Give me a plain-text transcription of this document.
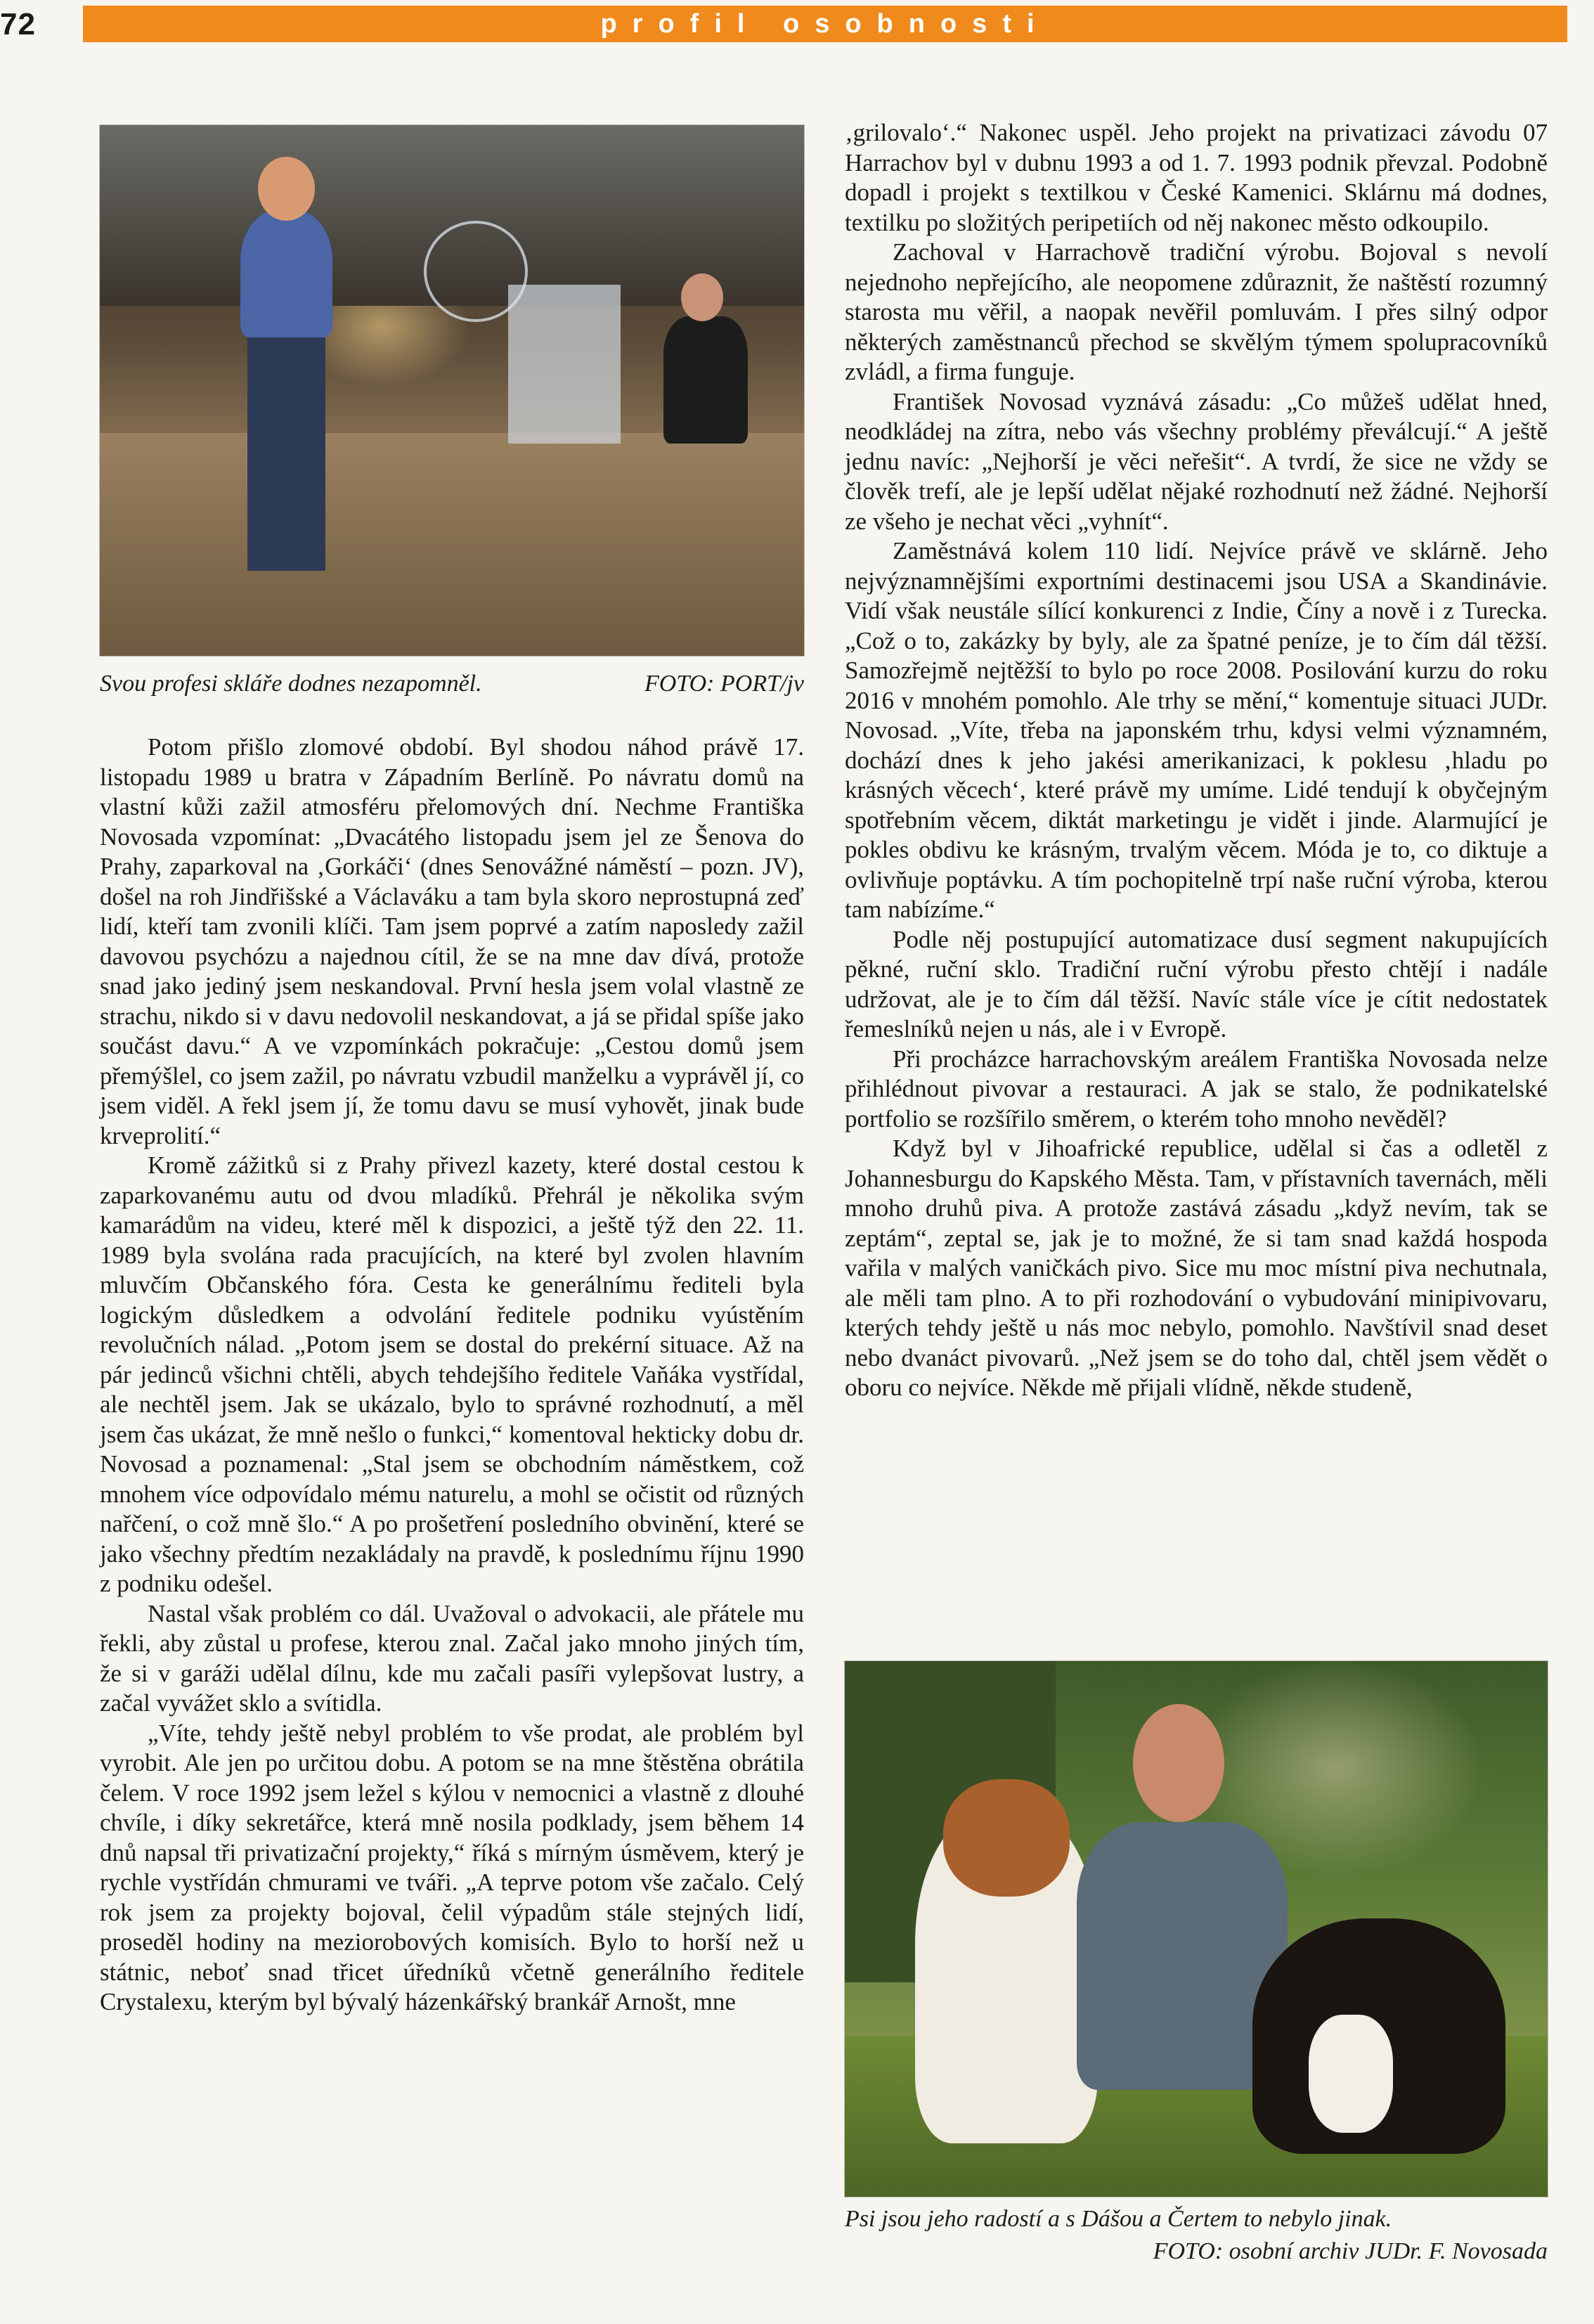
72	profil osobnosti
Svou profesi skláře dodnes nezapomněl.	FOTO: PORT/jv

Potom přišlo zlomové období. Byl shodou náhod právě 17. listopadu 1989 u bratra v Západním Berlíně. Po návratu domů na vlastní kůži zažil atmosféru přelomových dní. Nechme Františka Novosada vzpomínat: „Dvacátého listopadu jsem jel ze Šenova do Prahy, zaparkoval na ‚Gorkáči‘ (dnes Senovážné náměstí – pozn. JV), došel na roh Jindřišské a Václaváku a tam byla skoro neprostupná zeď lidí, kteří tam zvonili klíči. Tam jsem poprvé a zatím naposledy zažil davovou psychózu a najednou cítil, že se na mne dav dívá, protože snad jako jediný jsem neskandoval. První hesla jsem volal vlastně ze strachu, nikdo si v davu nedovolil neskandovat, a já se přidal spíše jako součást davu.“ A ve vzpomínkách pokračuje: „Cestou domů jsem přemýšlel, co jsem zažil, po návratu vzbudil manželku a vyprávěl jí, co jsem viděl. A řekl jsem jí, že tomu davu se musí vyhovět, jinak bude krveprolití.“

Kromě zážitků si z Prahy přivezl kazety, které dostal cestou k zaparkovanému autu od dvou mladíků. Přehrál je několika svým kamarádům na videu, které měl k dispozici, a ještě týž den 22. 11. 1989 byla svolána rada pracujících, na které byl zvolen hlavním mluvčím Občanského fóra. Cesta ke generálnímu řediteli byla logickým důsledkem a odvolání ředitele podniku vyústěním revolučních nálad. „Potom jsem se dostal do prekérní situace. Až na pár jedinců všichni chtěli, abych tehdejšího ředitele Vaňáka vystřídal, ale nechtěl jsem. Jak se ukázalo, bylo to správné rozhodnutí, a měl jsem čas ukázat, že mně nešlo o funkci,“ komentoval hekticky dobu dr. Novosad a poznamenal: „Stal jsem se obchodním náměstkem, což mnohem více odpovídalo mému naturelu, a mohl se očistit od různých nařčení, o což mně šlo.“ A po prošetření posledního obvinění, které se jako všechny předtím nezakládaly na pravdě, k poslednímu říjnu 1990 z podniku odešel.

Nastal však problém co dál. Uvažoval o advokacii, ale přátele mu řekli, aby zůstal u profese, kterou znal. Začal jako mnoho jiných tím, že si v garáži udělal dílnu, kde mu začali pasíři vylepšovat lustry, a začal vyvážet sklo a svítidla.

„Víte, tehdy ještě nebyl problém to vše prodat, ale problém byl vyrobit. Ale jen po určitou dobu. A potom se na mne štěstěna obrátila čelem. V roce 1992 jsem ležel s kýlou v nemocnici a vlastně z dlouhé chvíle, i díky sekretářce, která mně nosila podklady, jsem během 14 dnů napsal tři privatizační projekty,“ říká s mírným úsměvem, který je rychle vystřídán chmurami ve tváři. „A teprve potom vše začalo. Celý rok jsem za projekty bojoval, čelil výpadům stále stejných lidí, proseděl hodiny na meziorobových komisích. Bylo to horší než u státnic, neboť snad třicet úředníků včetně generálního ředitele Crystalexu, kterým byl bývalý házenkářský brankář Arnošt, mne

‚grilovalo‘.“ Nakonec uspěl. Jeho projekt na privatizaci závodu 07 Harrachov byl v dubnu 1993 a od 1. 7. 1993 podnik převzal. Podobně dopadl i projekt s textilkou v České Kamenici. Sklárnu má dodnes, textilku po složitých peripetiích od něj nakonec město odkoupilo.

Zachoval v Harrachově tradiční výrobu. Bojoval s nevolí nejednoho nepřejícího, ale neopomene zdůraznit, že naštěstí rozumný starosta mu věřil, a naopak nevěřil pomluvám. I přes silný odpor některých zaměstnanců přechod se skvělým týmem spolupracovníků zvládl, a firma funguje.

František Novosad vyznává zásadu: „Co můžeš udělat hned, neodkládej na zítra, nebo vás všechny problémy převálcují.“ A ještě jednu navíc: „Nejhorší je věci neřešit“. A tvrdí, že sice ne vždy se člověk trefí, ale je lepší udělat nějaké rozhodnutí než žádné. Nejhorší ze všeho je nechat věci „vyhnít“.

Zaměstnává kolem 110 lidí. Nejvíce právě ve sklárně. Jeho nejvýznamnějšími exportními destinacemi jsou USA a Skandinávie. Vidí však neustále sílící konkurenci z Indie, Číny a nově i z Turecka. „Což o to, zakázky by byly, ale za špatné peníze, je to čím dál těžší. Samozřejmě nejtěžší to bylo po roce 2008. Posilování kurzu do roku 2016 v mnohém pomohlo. Ale trhy se mění,“ komentuje situaci JUDr. Novosad. „Víte, třeba na japonském trhu, kdysi velmi významném, dochází dnes k jeho jakési amerikanizaci, k poklesu ‚hladu po krásných věcech‘, které právě my umíme. Lidé tendují k obyčejným spotřebním věcem, diktát marketingu je vidět i jinde. Alarmující je pokles obdivu ke krásným, trvalým věcem. Móda je to, co diktuje a ovlivňuje poptávku. A tím pochopitelně trpí naše ruční výroba, kterou tam nabízíme.“

Podle něj postupující automatizace dusí segment nakupujících pěkné, ruční sklo. Tradiční ruční výrobu přesto chtějí i nadále udržovat, ale je to čím dál těžší. Navíc stále více je cítit nedostatek řemeslníků nejen u nás, ale i v Evropě.

Při procházce harrachovským areálem Františka Novosada nelze přihlédnout pivovar a restauraci. A jak se stalo, že podnikatelské portfolio se rozšířilo směrem, o kterém toho mnoho nevěděl?

Když byl v Jihoafrické republice, udělal si čas a odletěl z Johannesburgu do Kapského Města. Tam, v přístavních tavernách, měli mnoho druhů piva. A protože zastává zásadu „když nevím, tak se zeptám“, zeptal se, jak je to možné, že si tam snad každá hospoda vařila v malých vaničkách pivo. Sice mu moc místní piva nechutnala, ale měli tam plno. A to při rozhodování o vybudování minipivovaru, kterých tehdy ještě u nás moc nebylo, pomohlo. Navštívil snad deset nebo dvanáct pivovarů. „Než jsem se do toho dal, chtěl jsem vědět o oboru co nejvíce. Někde mě přijali vlídně, někde studeně,

Psi jsou jeho radostí a s Dášou a Čertem to nebylo jinak.
FOTO: osobní archiv JUDr. F. Novosada
